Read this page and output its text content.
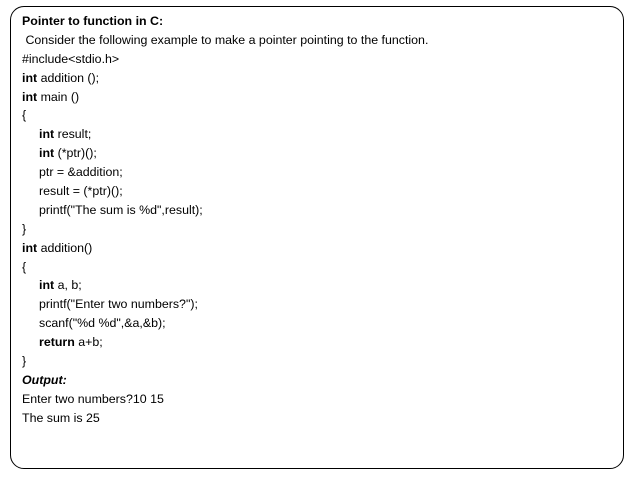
Pointer to function in C:
Consider the following example to make a pointer pointing to the function.
#include<stdio.h>
int addition ();
int main ()
{
int result;
int (*ptr)();
ptr = &addition;
result = (*ptr)();
printf("The sum is %d",result);
}
int addition()
{
int a, b;
printf("Enter two numbers?");
scanf("%d %d",&a,&b);
return a+b;
}
Output:
Enter two numbers?10 15
The sum is 25
